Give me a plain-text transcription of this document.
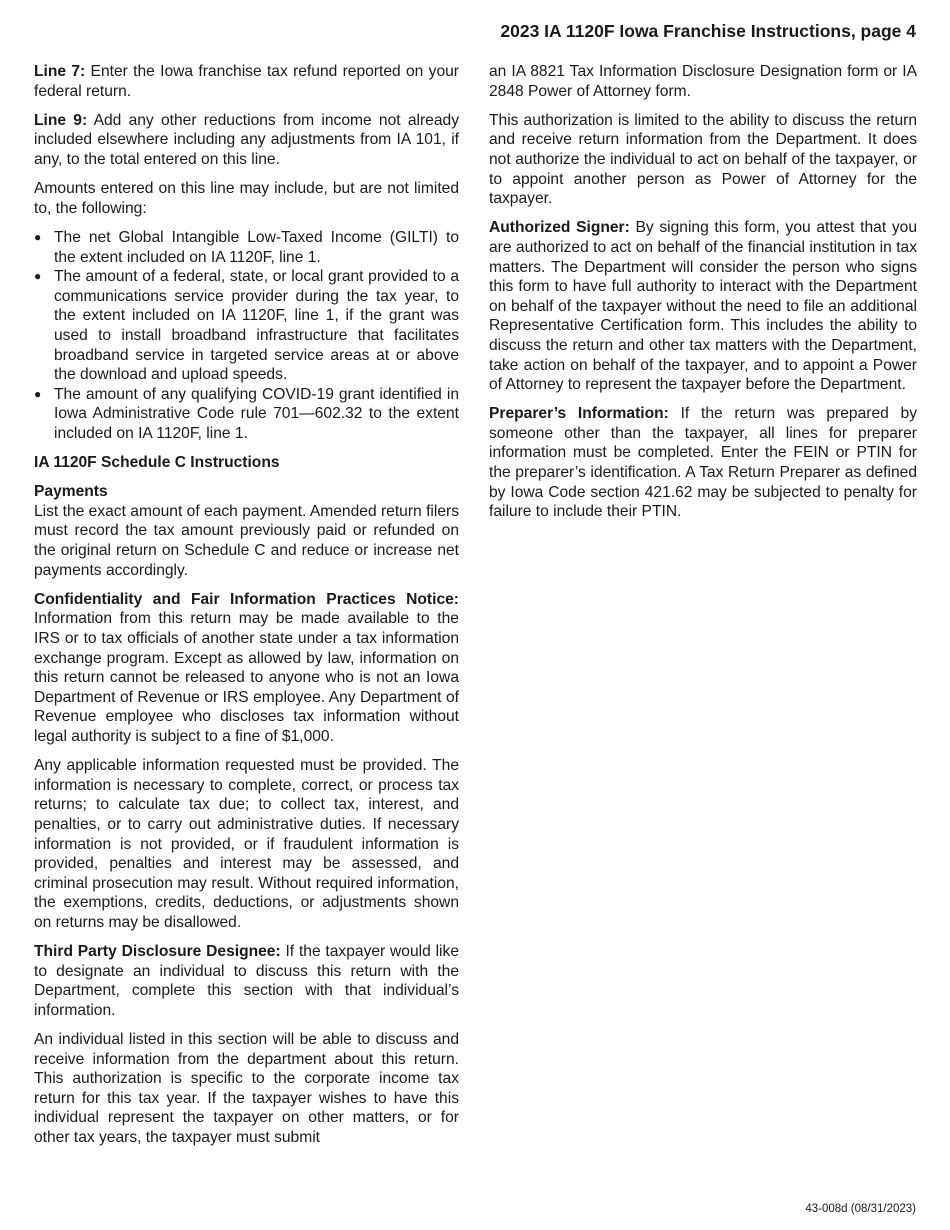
2023 IA 1120F Iowa Franchise Instructions, page 4

Line 7: Enter the Iowa franchise tax refund reported on your federal return.

Line 9: Add any other reductions from income not already included elsewhere including any adjustments from IA 101, if any, to the total entered on this line.

Amounts entered on this line may include, but are not limited to, the following:

● The net Global Intangible Low-Taxed Income (GILTI) to the extent included on IA 1120F, line 1.
● The amount of a federal, state, or local grant provided to a communications service provider during the tax year, to the extent included on IA 1120F, line 1, if the grant was used to install broadband infrastructure that facilitates broadband service in targeted service areas at or above the download and upload speeds.
● The amount of any qualifying COVID-19 grant identified in Iowa Administrative Code rule 701—602.32 to the extent included on IA 1120F, line 1.
IA 1120F Schedule C Instructions

Payments
List the exact amount of each payment. Amended return filers must record the tax amount previously paid or refunded on the original return on Schedule C and reduce or increase net payments accordingly.

Confidentiality and Fair Information Practices Notice: Information from this return may be made available to the IRS or to tax officials of another state under a tax information exchange program. Except as allowed by law, information on this return cannot be released to anyone who is not an Iowa Department of Revenue or IRS employee. Any Department of Revenue employee who discloses tax information without legal authority is subject to a fine of $1,000.

Any applicable information requested must be provided. The information is necessary to complete, correct, or process tax returns; to calculate tax due; to collect tax, interest, and penalties, or to carry out administrative duties. If necessary information is not provided, or if fraudulent information is provided, penalties and interest may be assessed, and criminal prosecution may result. Without required information, the exemptions, credits, deductions, or adjustments shown on returns may be disallowed.

Third Party Disclosure Designee: If the taxpayer would like to designate an individual to discuss this return with the Department, complete this section with that individual’s information.

An individual listed in this section will be able to discuss and receive information from the department about this return. This authorization is specific to the corporate income tax return for this tax year. If the taxpayer wishes to have this individual represent the taxpayer on other matters, or for other tax years, the taxpayer must submit

an IA 8821 Tax Information Disclosure Designation form or IA 2848 Power of Attorney form.

This authorization is limited to the ability to discuss the return and receive return information from the Department. It does not authorize the individual to act on behalf of the taxpayer, or to appoint another person as Power of Attorney for the taxpayer.

Authorized Signer: By signing this form, you attest that you are authorized to act on behalf of the financial institution in tax matters. The Department will consider the person who signs this form to have full authority to interact with the Department on behalf of the taxpayer without the need to file an additional Representative Certification form. This includes the ability to discuss the return and other tax matters with the Department, take action on behalf of the taxpayer, and to appoint a Power of Attorney to represent the taxpayer before the Department.

Preparer’s Information: If the return was prepared by someone other than the taxpayer, all lines for preparer information must be completed. Enter the FEIN or PTIN for the preparer’s identification. A Tax Return Preparer as defined by Iowa Code section 421.62 may be subjected to penalty for failure to include their PTIN.

43-008d (08/31/2023)
